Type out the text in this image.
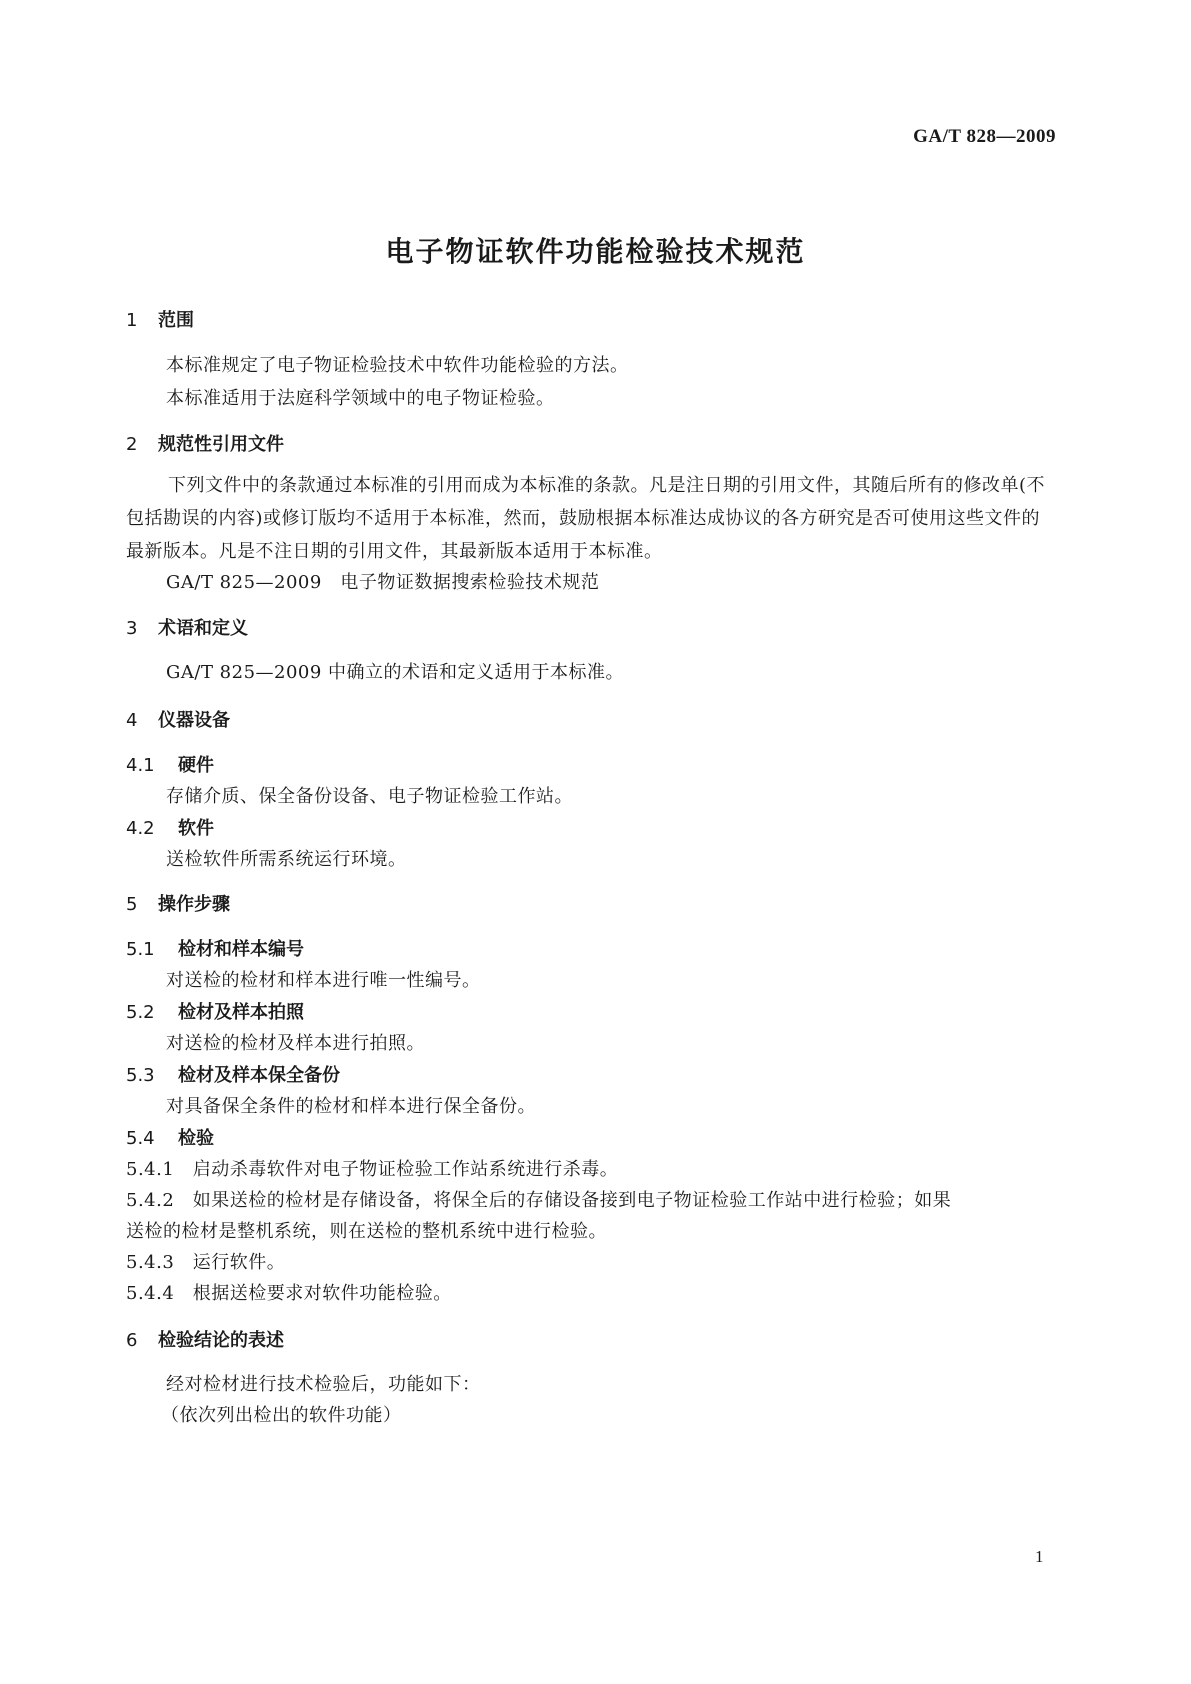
GA/T 828—2009
电子物证软件功能检验技术规范
1 范围
本标准规定了电子物证检验技术中软件功能检验的方法。
本标准适用于法庭科学领域中的电子物证检验。
2 规范性引用文件
下列文件中的条款通过本标准的引用而成为本标准的条款。凡是注日期的引用文件，其随后所有的修改单(不包括勘误的内容)或修订版均不适用于本标准，然而，鼓励根据本标准达成协议的各方研究是否可使用这些文件的最新版本。凡是不注日期的引用文件，其最新版本适用于本标准。
GA/T 825—2009　电子物证数据搜索检验技术规范
3 术语和定义
GA/T 825—2009 中确立的术语和定义适用于本标准。
4 仪器设备
4.1 硬件
存储介质、保全备份设备、电子物证检验工作站。
4.2 软件
送检软件所需系统运行环境。
5 操作步骤
5.1 检材和样本编号
对送检的检材和样本进行唯一性编号。
5.2 检材及样本拍照
对送检的检材及样本进行拍照。
5.3 检材及样本保全备份
对具备保全条件的检材和样本进行保全备份。
5.4 检验
5.4.1　启动杀毒软件对电子物证检验工作站系统进行杀毒。
5.4.2　如果送检的检材是存储设备，将保全后的存储设备接到电子物证检验工作站中进行检验；如果
送检的检材是整机系统，则在送检的整机系统中进行检验。
5.4.3　运行软件。
5.4.4　根据送检要求对软件功能检验。
6 检验结论的表述
经对检材进行技术检验后，功能如下：
（依次列出检出的软件功能）
1
